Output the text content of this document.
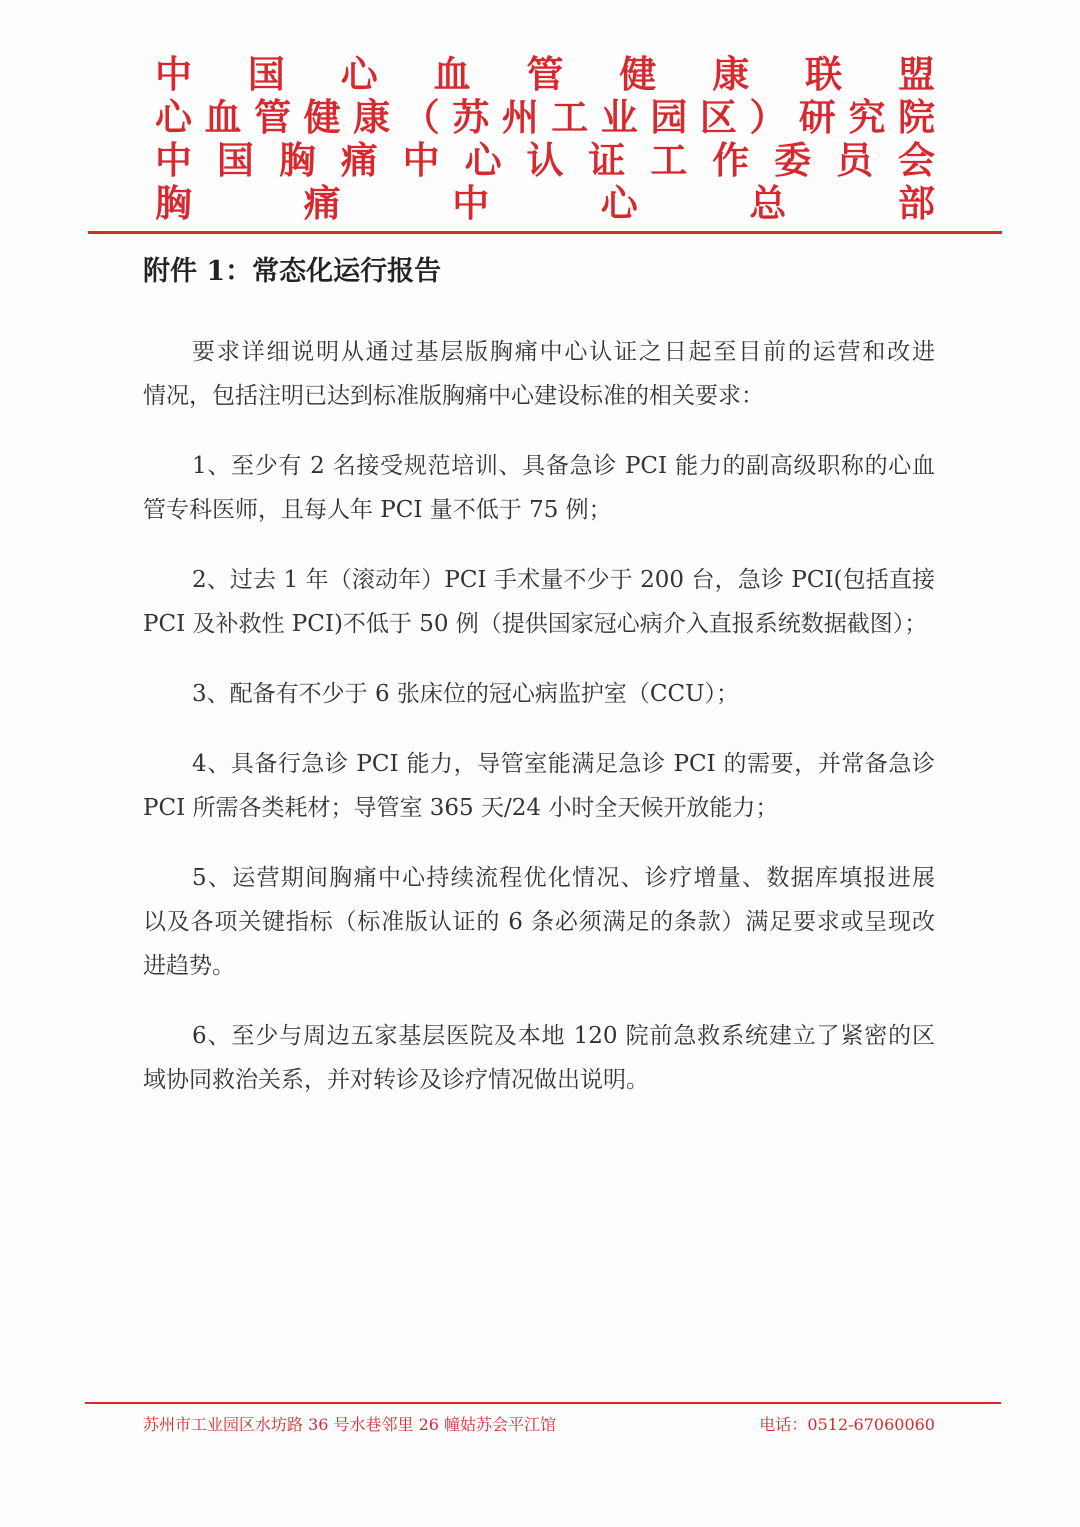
中国心血管健康联盟
心血管健康（苏州工业园区）研究院
中国胸痛中心认证工作委员会
胸痛中心总部
附件 1：常态化运行报告
要求详细说明从通过基层版胸痛中心认证之日起至目前的运营和改进
情况，包括注明已达到标准版胸痛中心建设标准的相关要求：
1、至少有 2 名接受规范培训、具备急诊 PCI 能力的副高级职称的心血
管专科医师，且每人年 PCI 量不低于 75 例；
2、过去 1 年（滚动年）PCI 手术量不少于 200 台，急诊 PCI(包括直接
PCI 及补救性 PCI)不低于 50 例（提供国家冠心病介入直报系统数据截图）；
3、配备有不少于 6 张床位的冠心病监护室（CCU）；
4、具备行急诊 PCI 能力，导管室能满足急诊 PCI 的需要，并常备急诊
PCI 所需各类耗材；导管室 365 天/24 小时全天候开放能力；
5、运营期间胸痛中心持续流程优化情况、诊疗增量、数据库填报进展
以及各项关键指标（标准版认证的 6 条必须满足的条款）满足要求或呈现改
进趋势。
6、至少与周边五家基层医院及本地 120 院前急救系统建立了紧密的区
域协同救治关系，并对转诊及诊疗情况做出说明。
苏州市工业园区水坊路 36 号水巷邻里 26 幢姑苏会平江馆	电话：0512-67060060
